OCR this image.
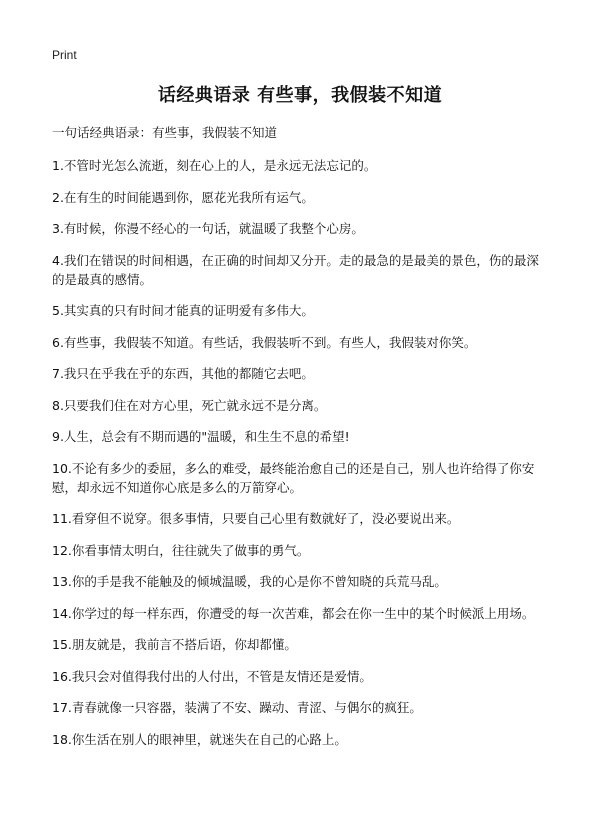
Print
话经典语录 有些事，我假装不知道
一句话经典语录：有些事，我假装不知道
1.不管时光怎么流逝，刻在心上的人，是永远无法忘记的。
2.在有生的时间能遇到你，愿花光我所有运气。
3.有时候，你漫不经心的一句话，就温暖了我整个心房。
4.我们在错误的时间相遇，在正确的时间却又分开。走的最急的是最美的景色，伤的最深的是最真的感情。
5.其实真的只有时间才能真的证明爱有多伟大。
6.有些事，我假装不知道。有些话，我假装听不到。有些人，我假装对你笑。
7.我只在乎我在乎的东西，其他的都随它去吧。
8.只要我们住在对方心里，死亡就永远不是分离。
9.人生，总会有不期而遇的"温暖，和生生不息的希望!
10.不论有多少的委屈，多么的难受，最终能治愈自己的还是自己，别人也许给得了你安慰，却永远不知道你心底是多么的万箭穿心。
11.看穿但不说穿。很多事情，只要自己心里有数就好了，没必要说出来。
12.你看事情太明白，往往就失了做事的勇气。
13.你的手是我不能触及的倾城温暖，我的心是你不曾知晓的兵荒马乱。
14.你学过的每一样东西，你遭受的每一次苦难，都会在你一生中的某个时候派上用场。
15.朋友就是，我前言不搭后语，你却都懂。
16.我只会对值得我付出的人付出，不管是友情还是爱情。
17.青春就像一只容器，装满了不安、躁动、青涩、与偶尔的疯狂。
18.你生活在别人的眼神里，就迷失在自己的心路上。
